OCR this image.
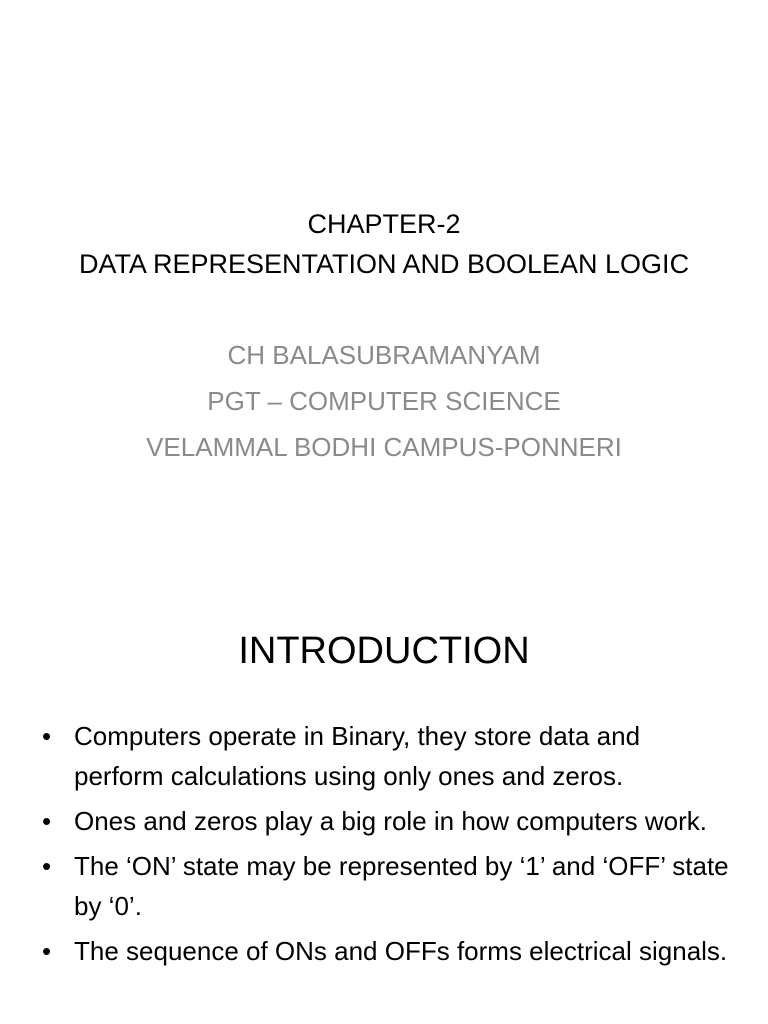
CHAPTER-2
DATA REPRESENTATION AND BOOLEAN LOGIC
CH BALASUBRAMANYAM
PGT – COMPUTER SCIENCE
VELAMMAL BODHI CAMPUS-PONNERI
INTRODUCTION
• Computers operate in Binary, they store data and perform calculations using only ones and zeros.
• Ones and zeros play a big role in how computers work.
• The ‘ON’ state may be represented by ‘1’ and ‘OFF’ state by ‘0’.
• The sequence of ONs and OFFs forms electrical signals.
